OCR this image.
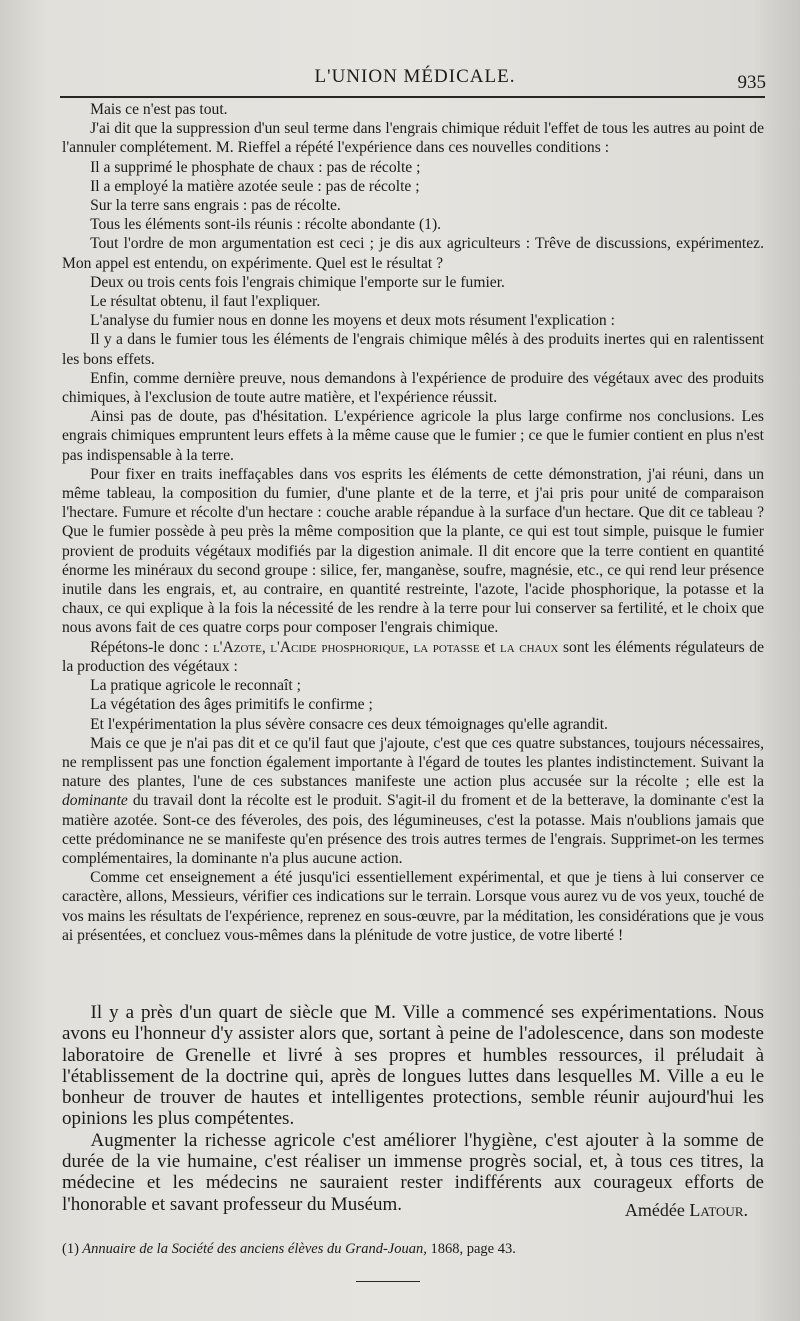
L'UNION MÉDICALE.	935

Mais ce n'est pas tout.

J'ai dit que la suppression d'un seul terme dans l'engrais chimique réduit l'effet de tous les autres au point de l'annuler complétement. M. Rieffel a répété l'expérience dans ces nouvelles conditions :

Il a supprimé le phosphate de chaux : pas de récolte ;

Il a employé la matière azotée seule : pas de récolte ;

Sur la terre sans engrais : pas de récolte.

Tous les éléments sont-ils réunis : récolte abondante (1).

Tout l'ordre de mon argumentation est ceci ; je dis aux agriculteurs : Trêve de discussions, expérimentez. Mon appel est entendu, on expérimente. Quel est le résultat ?

Deux ou trois cents fois l'engrais chimique l'emporte sur le fumier.

Le résultat obtenu, il faut l'expliquer.

L'analyse du fumier nous en donne les moyens et deux mots résument l'explication :

Il y a dans le fumier tous les éléments de l'engrais chimique mêlés à des produits inertes qui en ralentissent les bons effets.

Enfin, comme dernière preuve, nous demandons à l'expérience de produire des végétaux avec des produits chimiques, à l'exclusion de toute autre matière, et l'expérience réussit.

Ainsi pas de doute, pas d'hésitation. L'expérience agricole la plus large confirme nos conclusions. Les engrais chimiques empruntent leurs effets à la même cause que le fumier ; ce que le fumier contient en plus n'est pas indispensable à la terre.

Pour fixer en traits ineffaçables dans vos esprits les éléments de cette démonstration, j'ai réuni, dans un même tableau, la composition du fumier, d'une plante et de la terre, et j'ai pris pour unité de comparaison l'hectare. Fumure et récolte d'un hectare : couche arable répandue à la surface d'un hectare. Que dit ce tableau ? Que le fumier possède à peu près la même composition que la plante, ce qui est tout simple, puisque le fumier provient de produits végétaux modifiés par la digestion animale. Il dit encore que la terre contient en quantité énorme les minéraux du second groupe : silice, fer, manganèse, soufre, magnésie, etc., ce qui rend leur présence inutile dans les engrais, et, au contraire, en quantité restreinte, l'azote, l'acide phosphorique, la potasse et la chaux, ce qui explique à la fois la nécessité de les rendre à la terre pour lui conserver sa fertilité, et le choix que nous avons fait de ces quatre corps pour composer l'engrais chimique.

Répétons-le donc : l'Azote, l'Acide phosphorique, la potasse et la chaux sont les éléments régulateurs de la production des végétaux :

La pratique agricole le reconnaît ;

La végétation des âges primitifs le confirme ;

Et l'expérimentation la plus sévère consacre ces deux témoignages qu'elle agrandit.

Mais ce que je n'ai pas dit et ce qu'il faut que j'ajoute, c'est que ces quatre substances, toujours nécessaires, ne remplissent pas une fonction également importante à l'égard de toutes les plantes indistinctement. Suivant la nature des plantes, l'une de ces substances manifeste une action plus accusée sur la récolte ; elle est la dominante du travail dont la récolte est le produit. S'agit-il du froment et de la betterave, la dominante c'est la matière azotée. Sont-ce des féveroles, des pois, des légumineuses, c'est la potasse. Mais n'oublions jamais que cette prédominance ne se manifeste qu'en présence des trois autres termes de l'engrais. Supprimet-on les termes complémentaires, la dominante n'a plus aucune action.

Comme cet enseignement a été jusqu'ici essentiellement expérimental, et que je tiens à lui conserver ce caractère, allons, Messieurs, vérifier ces indications sur le terrain. Lorsque vous aurez vu de vos yeux, touché de vos mains les résultats de l'expérience, reprenez en sous-œuvre, par la méditation, les considérations que je vous ai présentées, et concluez vous-mêmes dans la plénitude de votre justice, de votre liberté !

Il y a près d'un quart de siècle que M. Ville a commencé ses expérimentations. Nous avons eu l'honneur d'y assister alors que, sortant à peine de l'adolescence, dans son modeste laboratoire de Grenelle et livré à ses propres et humbles ressources, il préludait à l'établissement de la doctrine qui, après de longues luttes dans lesquelles M. Ville a eu le bonheur de trouver de hautes et intelligentes protections, semble réunir aujourd'hui les opinions les plus compétentes.

Augmenter la richesse agricole c'est améliorer l'hygiène, c'est ajouter à la somme de durée de la vie humaine, c'est réaliser un immense progrès social, et, à tous ces titres, la médecine et les médecins ne sauraient rester indifférents aux courageux efforts de l'honorable et savant professeur du Muséum.	Amédée Latour.
(1) Annuaire de la Société des anciens élèves du Grand-Jouan, 1868, page 43.
